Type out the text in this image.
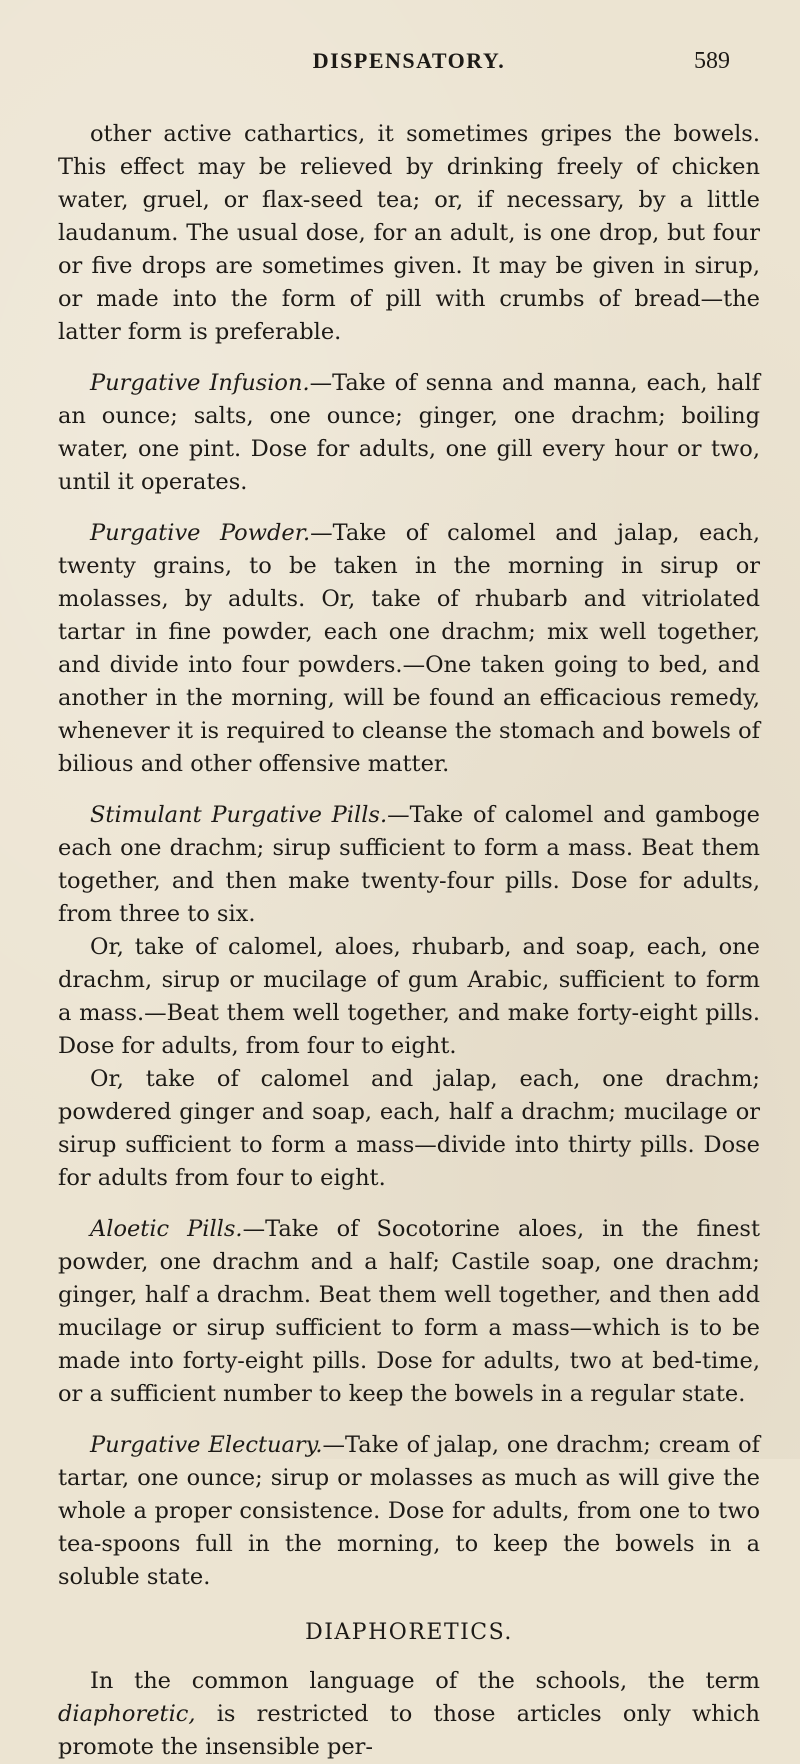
DISPENSATORY.	589

other active cathartics, it sometimes gripes the bowels. This effect may be relieved by drinking freely of chicken water, gruel, or flax-seed tea; or, if necessary, by a little laudanum. The usual dose, for an adult, is one drop, but four or five drops are sometimes given. It may be given in sirup, or made into the form of pill with crumbs of bread—the latter form is preferable.

Purgative Infusion.—Take of senna and manna, each, half an ounce; salts, one ounce; ginger, one drachm; boiling water, one pint. Dose for adults, one gill every hour or two, until it operates.

Purgative Powder.—Take of calomel and jalap, each, twenty grains, to be taken in the morning in sirup or molasses, by adults. Or, take of rhubarb and vitriolated tartar in fine powder, each one drachm; mix well together, and divide into four powders.—One taken going to bed, and another in the morning, will be found an efficacious remedy, whenever it is required to cleanse the stomach and bowels of bilious and other offensive matter.

Stimulant Purgative Pills.—Take of calomel and gamboge each one drachm; sirup sufficient to form a mass. Beat them together, and then make twenty-four pills. Dose for adults, from three to six.

Or, take of calomel, aloes, rhubarb, and soap, each, one drachm, sirup or mucilage of gum Arabic, sufficient to form a mass.—Beat them well together, and make forty-eight pills. Dose for adults, from four to eight.

Or, take of calomel and jalap, each, one drachm; powdered ginger and soap, each, half a drachm; mucilage or sirup sufficient to form a mass—divide into thirty pills. Dose for adults from four to eight.

Aloetic Pills.—Take of Socotorine aloes, in the finest powder, one drachm and a half; Castile soap, one drachm; ginger, half a drachm. Beat them well together, and then add mucilage or sirup sufficient to form a mass—which is to be made into forty-eight pills. Dose for adults, two at bed-time, or a sufficient number to keep the bowels in a regular state.

Purgative Electuary.—Take of jalap, one drachm; cream of tartar, one ounce; sirup or molasses as much as will give the whole a proper consistence. Dose for adults, from one to two tea-spoons full in the morning, to keep the bowels in a soluble state.

DIAPHORETICS.

In the common language of the schools, the term diaphoretic, is restricted to those articles only which promote the insensible per-
